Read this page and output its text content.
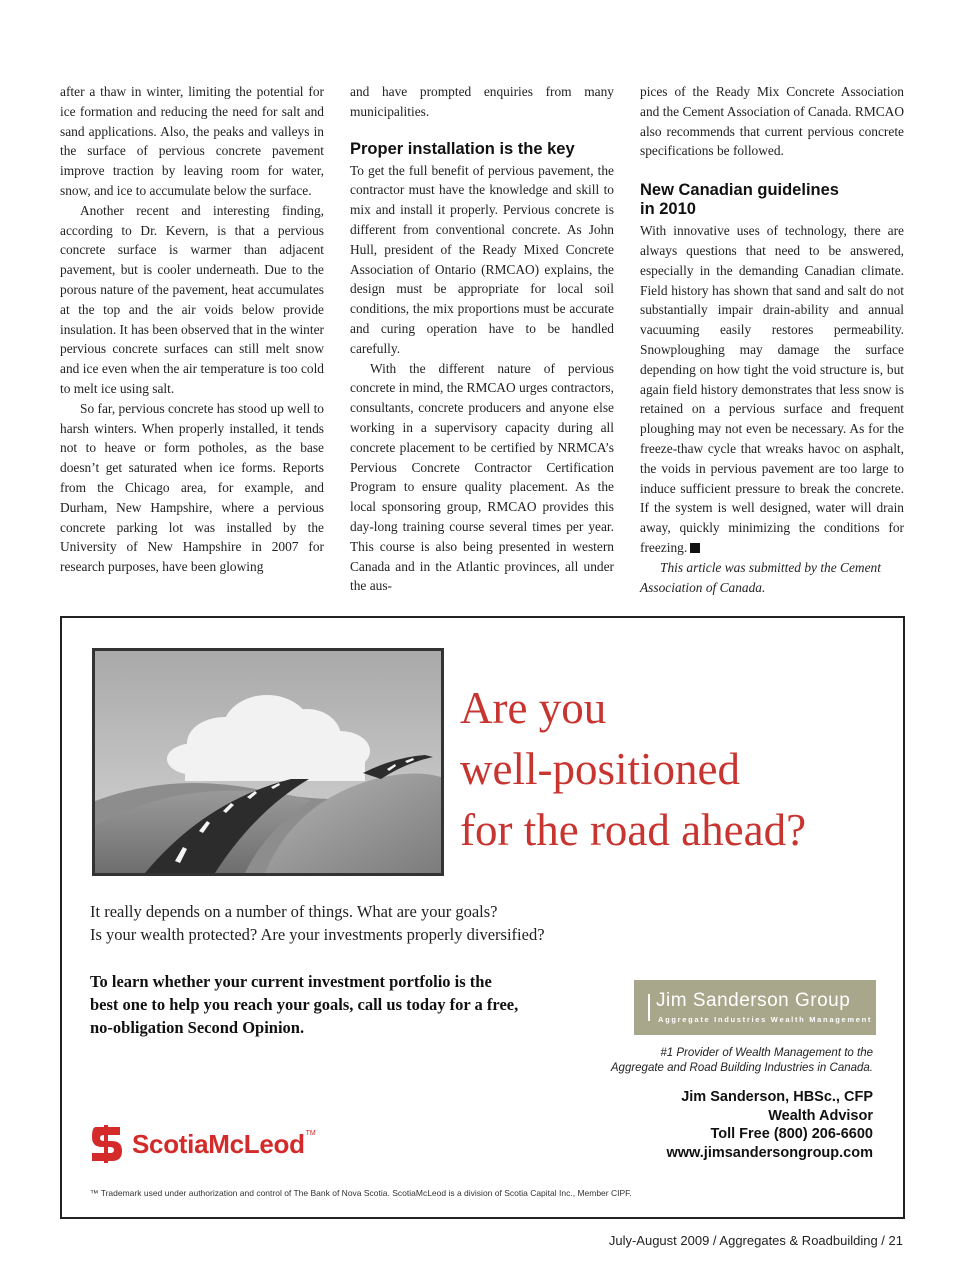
after a thaw in winter, limiting the potential for ice formation and reducing the need for salt and sand applications. Also, the peaks and valleys in the surface of pervious concrete pavement improve traction by leaving room for water, snow, and ice to accumulate below the surface.

Another recent and interesting finding, according to Dr. Kevern, is that a pervious concrete surface is warmer than adjacent pavement, but is cooler underneath. Due to the porous nature of the pavement, heat accumulates at the top and the air voids below provide insulation. It has been observed that in the winter pervious concrete surfaces can still melt snow and ice even when the air temperature is too cold to melt ice using salt.

So far, pervious concrete has stood up well to harsh winters. When properly installed, it tends not to heave or form potholes, as the base doesn’t get saturated when ice forms. Reports from the Chicago area, for example, and Durham, New Hampshire, where a pervious concrete parking lot was installed by the University of New Hampshire in 2007 for research purposes, have been glowing

and have prompted enquiries from many municipalities.

Proper installation is the key

To get the full benefit of pervious pavement, the contractor must have the knowledge and skill to mix and install it properly. Pervious concrete is different from conventional concrete. As John Hull, president of the Ready Mixed Concrete Association of Ontario (RMCAO) explains, the design must be appropriate for local soil conditions, the mix proportions must be accurate and curing operation have to be handled carefully.

With the different nature of pervious concrete in mind, the RMCAO urges contractors, consultants, concrete producers and anyone else working in a supervisory capacity during all concrete placement to be certified by NRMCA’s Pervious Concrete Contractor Certification Program to ensure quality placement. As the local sponsoring group, RMCAO provides this day-long training course several times per year. This course is also being presented in western Canada and in the Atlantic provinces, all under the aus-

pices of the Ready Mix Concrete Association and the Cement Association of Canada. RMCAO also recommends that current pervious concrete specifications be followed.

New Canadian guidelines
in 2010

With innovative uses of technology, there are always questions that need to be answered, especially in the demanding Canadian climate. Field history has shown that sand and salt do not substantially impair drain-ability and annual vacuuming easily restores permeability. Snowploughing may damage the surface depending on how tight the void structure is, but again field history demonstrates that less snow is retained on a pervious surface and frequent ploughing may not even be necessary. As for the freeze-thaw cycle that wreaks havoc on asphalt, the voids in pervious pavement are too large to induce sufficient pressure to break the concrete. If the system is well designed, water will drain away, quickly minimizing the conditions for freezing.

This article was submitted by the Cement Association of Canada.

Are you
well-positioned
for the road ahead?
It really depends on a number of things. What are your goals?
Is your wealth protected? Are your investments properly diversified?
To learn whether your current investment portfolio is the
best one to help you reach your goals, call us today for a free,
no-obligation Second Opinion.
Jim Sanderson Group
Aggregate Industries Wealth Management
#1 Provider of Wealth Management to the
Aggregate and Road Building Industries in Canada.
Jim Sanderson, HBSc., CFP
Wealth Advisor
Toll Free (800) 206-6600
www.jimsandersongroup.com
ScotiaMcLeod TM
™ Trademark used under authorization and control of The Bank of Nova Scotia. ScotiaMcLeod is a division of Scotia Capital Inc., Member CIPF.
July-August 2009 / Aggregates & Roadbuilding / 21
